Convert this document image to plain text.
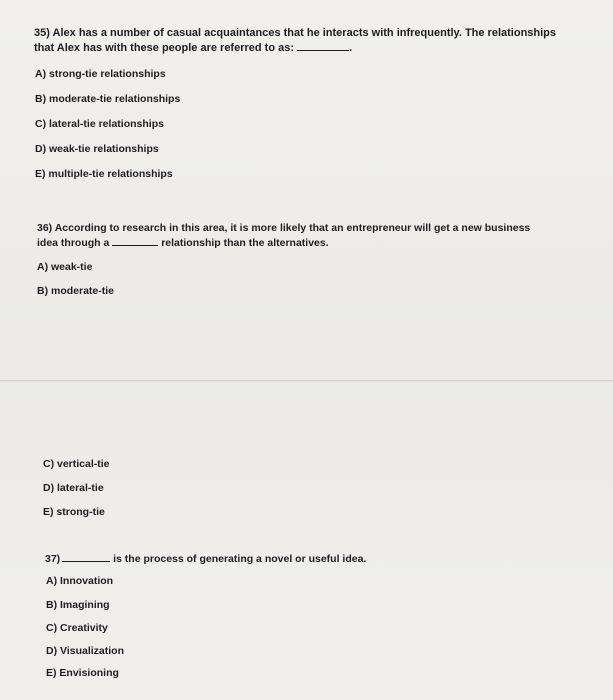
35) Alex has a number of casual acquaintances that he interacts with infrequently. The relationships
that Alex has with these people are referred to as:	.
A) strong-tie relationships
B) moderate-tie relationships
C) lateral-tie relationships
D) weak-tie relationships
E) multiple-tie relationships
36) According to research in this area, it is more likely that an entrepreneur will get a new business
idea through a	relationship than the alternatives.
A) weak-tie
B) moderate-tie
C) vertical-tie
D) lateral-tie
E) strong-tie
37)	is the process of generating a novel or useful idea.
A) Innovation
B) Imagining
C) Creativity
D) Visualization
E) Envisioning
